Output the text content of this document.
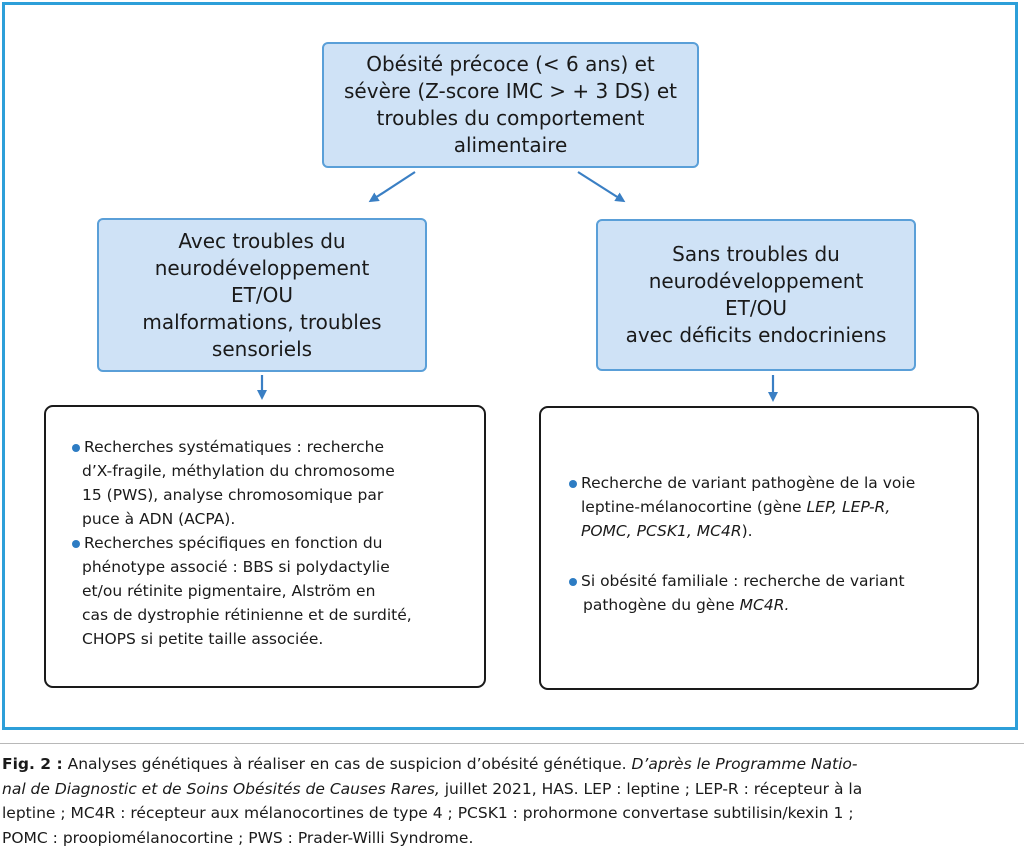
Obésité précoce (< 6 ans) et
sévère (Z-score IMC > + 3 DS) et
troubles du comportement
alimentaire
Avec troubles du
neurodéveloppement
ET/OU
malformations, troubles
sensoriels
Sans troubles du
neurodéveloppement
ET/OU
avec déficits endocriniens
Recherches systématiques : recherche
d’X-fragile, méthylation du chromosome
15 (PWS), analyse chromosomique par
puce à ADN (ACPA).
Recherches spécifiques en fonction du
phénotype associé : BBS si polydactylie
et/ou rétinite pigmentaire, Alström en
cas de dystrophie rétinienne et de surdité,
CHOPS si petite taille associée.
Recherche de variant pathogène de la voie
leptine-mélanocortine (gène LEP, LEP-R,
POMC, PCSK1, MC4R).
Si obésité familiale : recherche de variant
pathogène du gène MC4R.
Fig. 2 : Analyses génétiques à réaliser en cas de suspicion d’obésité génétique. D’après le Programme Natio-
nal de Diagnostic et de Soins Obésités de Causes Rares, juillet 2021, HAS. LEP : leptine ; LEP-R : récepteur à la
leptine ; MC4R : récepteur aux mélanocortines de type 4 ; PCSK1 : prohormone convertase subtilisin/kexin 1 ;
POMC : proopiomélanocortine ; PWS : Prader-Willi Syndrome.
